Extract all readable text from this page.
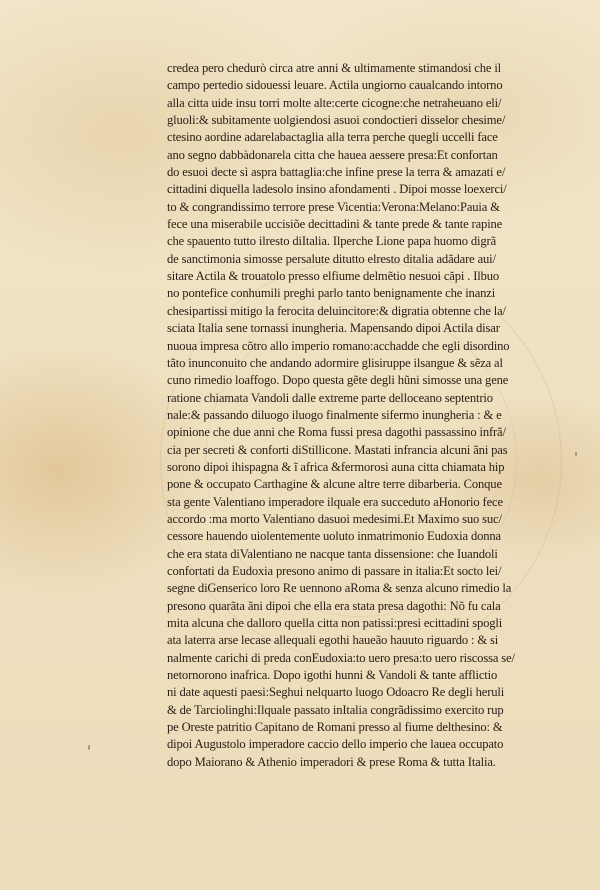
credea pero chedurò circa atre anni & ultimamente stimandosi che il
campo pertedio sidouessi leuare. Actila ungiorno caualcando intorno
alla citta uide insu torri molte alte:certe cicogne:che netraheuano eli/
gluoli:& subitamente uolgiendosi asuoi condoctieri disselor chesime/
ctesino aordine adarelabactaglia alla terra perche quegli uccelli face
ano segno dabbàdonarela citta che hauea aessere presa:Et confortan
do esuoi decte sì aspra battaglia:che infine prese la terra & amazati e/
cittadini diquella ladesolo insino afondamenti . Dipoi mosse loexerci/
to & congrandissimo terrore prese Vicentia:Verona:Melano:Pauia &
fece una miserabile uccisiõe decittadini & tante prede & tante rapine
che spauento tutto ilresto diItalia. Ilperche Lione papa huomo digrã
de sanctimonia simosse persalute ditutto elresto ditalia adãdare aui/
sitare Actila & trouatolo presso elfiume delmẽtio nesuoi căpi . Ilbuo
no pontefice conhumili preghi parlo tanto benignamente che inanzi
chesipartissi mitigo la ferocita deluincitore:& digratia obtenne che la/
sciata Italia sene tornassi inungheria. Mapensando dipoi Actila disar
nuoua impresa cõtro allo imperio romano:acchadde che egli disordino
tãto inunconuito che andando adormire glisiruppe ilsangue & sẽza al
cuno rimedio loaffogo. Dopo questa gẽte degli hũni simosse una gene
ratione chiamata Vandoli dalle extreme parte delloceano septentrio
nale:& passando diluogo iluogo finalmente sifermo inungheria : & e
opinione che due anni che Roma fussi presa dagothi passassino infrã/
cia per secreti & conforti diStillicone. Mastati infrancia alcuni ãni pas
sorono dipoi ihispagna & ĩ africa &fermorosi auna citta chiamata hip
pone & occupato Carthagine & alcune altre terre dibarberia. Conque
sta gente Valentiano imperadore ilquale era succeduto aHonorio fece
accordo :ma morto Valentiano dasuoi medesimi.Et Maximo suo suc/
cessore hauendo uiolentemente uoluto inmatrimonio Eudoxia donna
che era stata diValentiano ne nacque tanta dissensione: che Iuandoli
confortati da Eudoxia presono animo di passare in italia:Et socto lei/
segne diGenserico loro Re uennono aRoma & senza alcuno rimedio la
presono quarãta ãni dipoi che ella era stata presa dagothi: Nõ fu cala
mita alcuna che dalloro quella citta non patissi:presi ecittadini spogli
ata laterra arse lecase allequali egothi haueão hauuto riguardo : & si
nalmente carichi di preda conEudoxia:to uero presa:to uero riscossa se/
netornorono inafrica. Dopo igothi hunni & Vandoli & tante afflictio
ni date aquesti paesi:Seghui nelquarto luogo Odoacro Re degli heruli
& de Tarciolinghi:Ilquale passato inItalia congrãdissimo exercito rup
pe Oreste patritio Capitano de Romani presso al fiume delthesino: &
dipoi Augustolo imperadore caccio dello imperio che lauea occupato
dopo Maiorano & Athenio imperadori & prese Roma & tutta Italia.
